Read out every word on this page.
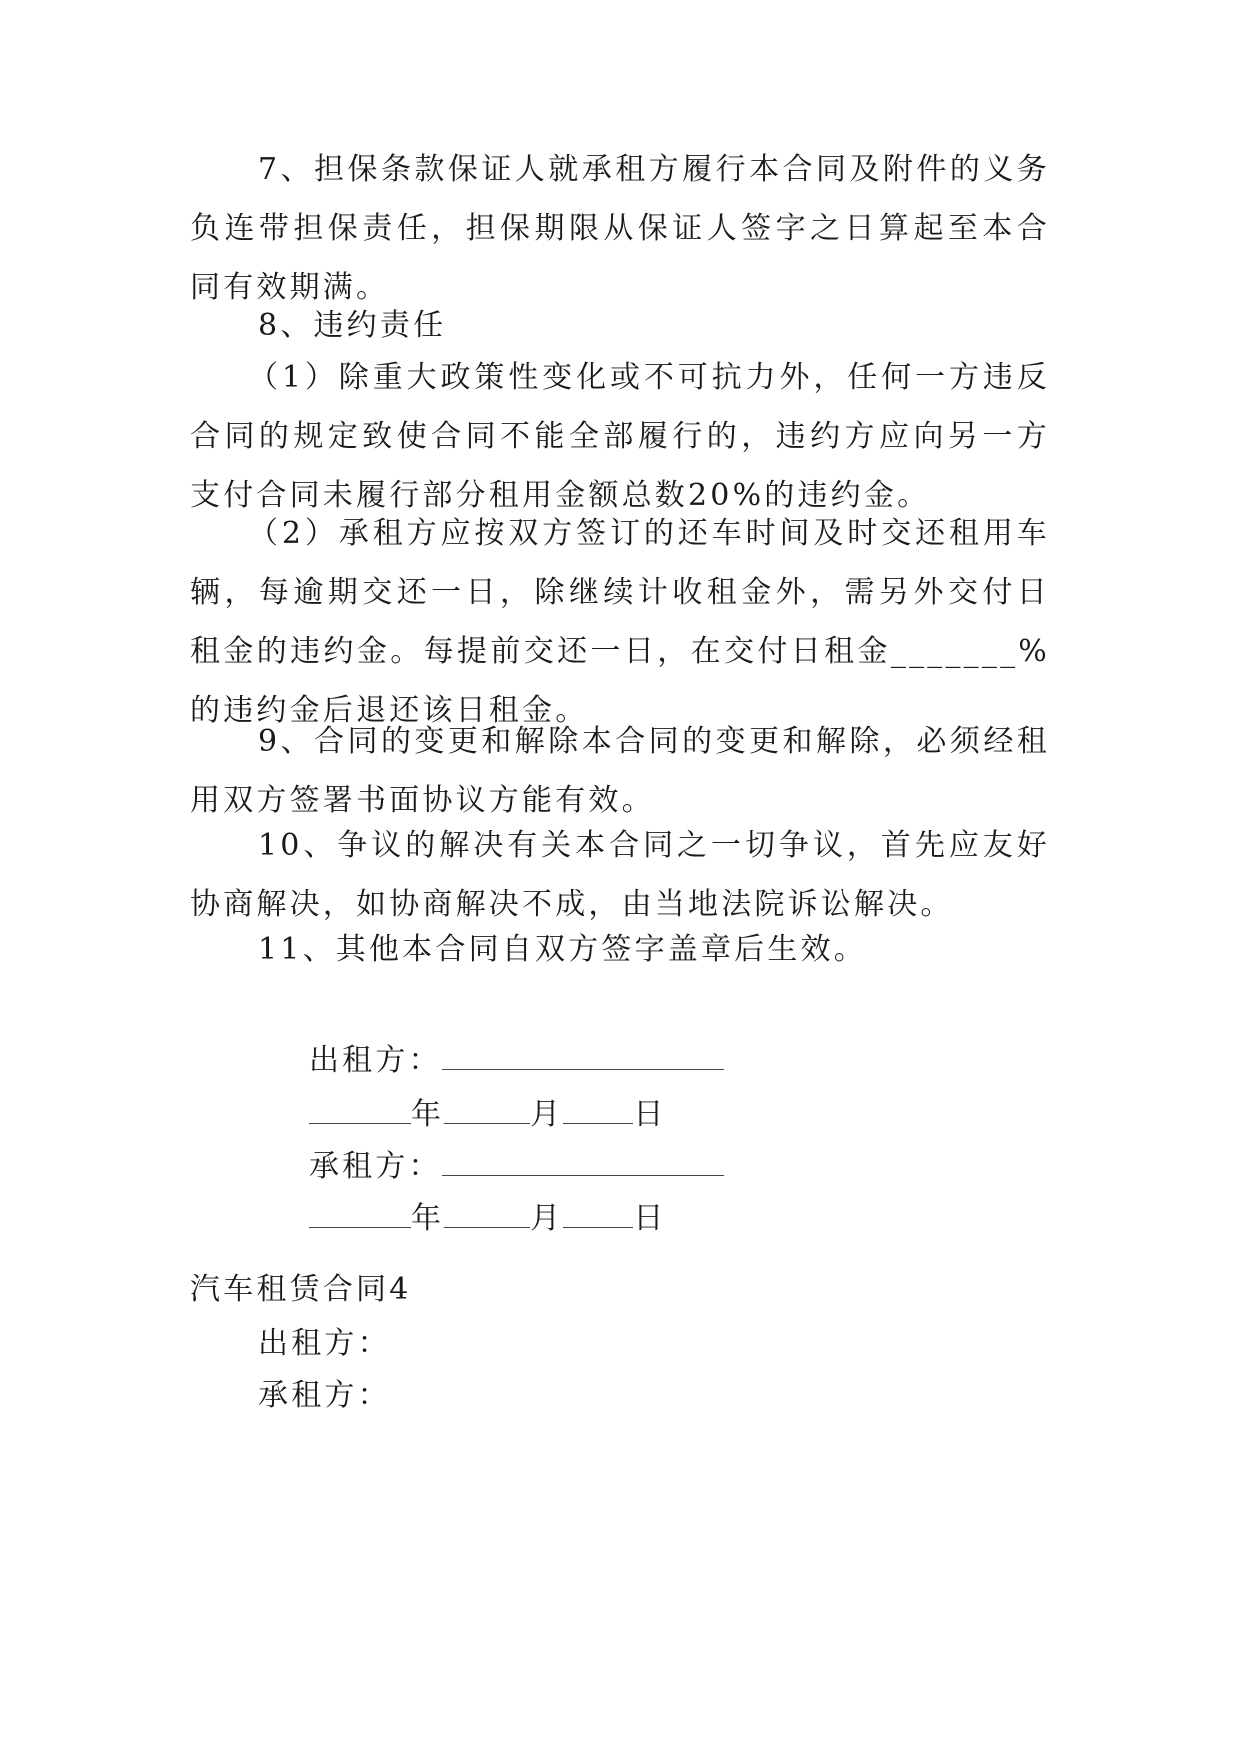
7、担保条款保证人就承租方履行本合同及附件的义务负连带担保责任，担保期限从保证人签字之日算起至本合同有效期满。

8、违约责任

（1）除重大政策性变化或不可抗力外，任何一方违反合同的规定致使合同不能全部履行的，违约方应向另一方支付合同未履行部分租用金额总数20%的违约金。

（2）承租方应按双方签订的还车时间及时交还租用车辆，每逾期交还一日，除继续计收租金外，需另外交付日租金的违约金。每提前交还一日，在交付日租金_______%的违约金后退还该日租金。

9、合同的变更和解除本合同的变更和解除，必须经租用双方签署书面协议方能有效。

10、争议的解决有关本合同之一切争议，首先应友好协商解决，如协商解决不成，由当地法院诉讼解决。

11、其他本合同自双方签字盖章后生效。

出租方：

年	月 日

承租方：

年	月 日

汽车租赁合同4
出租方：
承租方：
